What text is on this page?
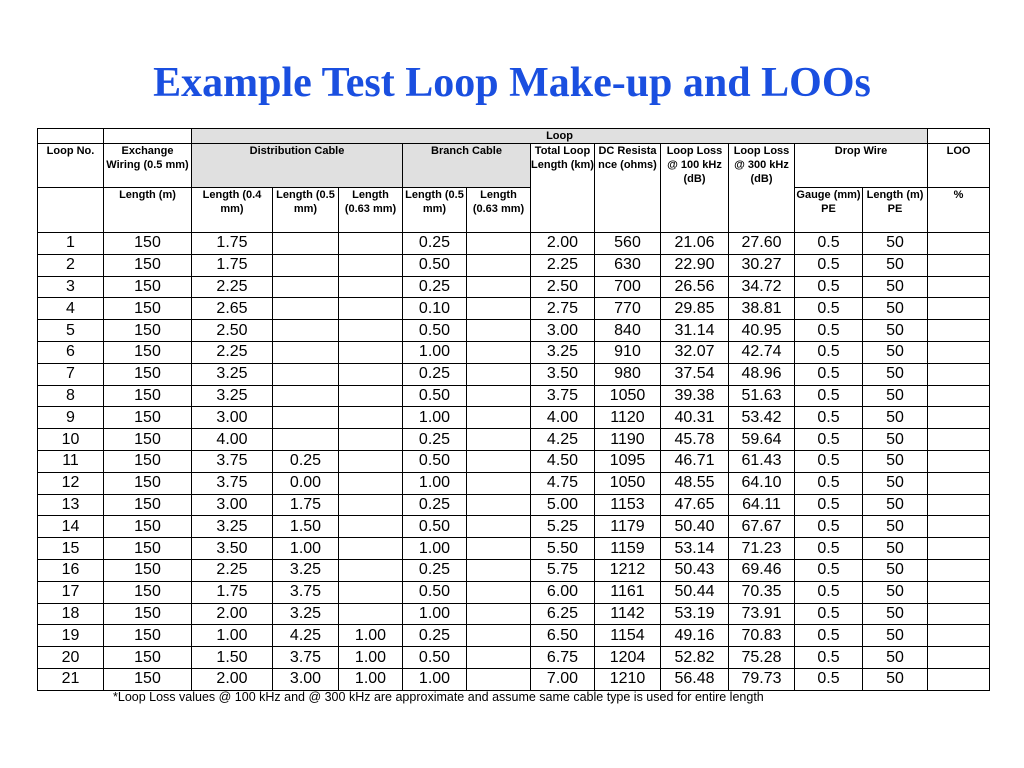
Example Test Loop Make-up and LOOs
		Loop											
Loop No.	Exchange Wiring (0.5 mm)	Distribution Cable			Branch Cable		Total Loop Length (km)	DC Resista nce (ohms)	Loop Loss @ 100 kHz (dB)	Loop Loss @ 300 kHz (dB)	Drop Wire		LOO
	Length (m)	Length (0.4 mm)	Length (0.5 mm)	Length (0.63 mm)	Length (0.5 mm)	Length (0.63 mm)					Gauge (mm) PE	Length (m) PE	%
1	150	1.75			0.25		2.00	560	21.06	27.60	0.5	50	
2	150	1.75			0.50		2.25	630	22.90	30.27	0.5	50	
3	150	2.25			0.25		2.50	700	26.56	34.72	0.5	50	
4	150	2.65			0.10		2.75	770	29.85	38.81	0.5	50	
5	150	2.50			0.50		3.00	840	31.14	40.95	0.5	50	
6	150	2.25			1.00		3.25	910	32.07	42.74	0.5	50	
7	150	3.25			0.25		3.50	980	37.54	48.96	0.5	50	
8	150	3.25			0.50		3.75	1050	39.38	51.63	0.5	50	
9	150	3.00			1.00		4.00	1120	40.31	53.42	0.5	50	
10	150	4.00			0.25		4.25	1190	45.78	59.64	0.5	50	
11	150	3.75	0.25		0.50		4.50	1095	46.71	61.43	0.5	50	
12	150	3.75	0.00		1.00		4.75	1050	48.55	64.10	0.5	50	
13	150	3.00	1.75		0.25		5.00	1153	47.65	64.11	0.5	50	
14	150	3.25	1.50		0.50		5.25	1179	50.40	67.67	0.5	50	
15	150	3.50	1.00		1.00		5.50	1159	53.14	71.23	0.5	50	
16	150	2.25	3.25		0.25		5.75	1212	50.43	69.46	0.5	50	
17	150	1.75	3.75		0.50		6.00	1161	50.44	70.35	0.5	50	
18	150	2.00	3.25		1.00		6.25	1142	53.19	73.91	0.5	50	
19	150	1.00	4.25	1.00	0.25		6.50	1154	49.16	70.83	0.5	50	
20	150	1.50	3.75	1.00	0.50		6.75	1204	52.82	75.28	0.5	50	
21	150	2.00	3.00	1.00	1.00		7.00	1210	56.48	79.73	0.5	50	
*Loop Loss values @ 100 kHz and @ 300 kHz are approximate and assume same cable type is used for entire length
